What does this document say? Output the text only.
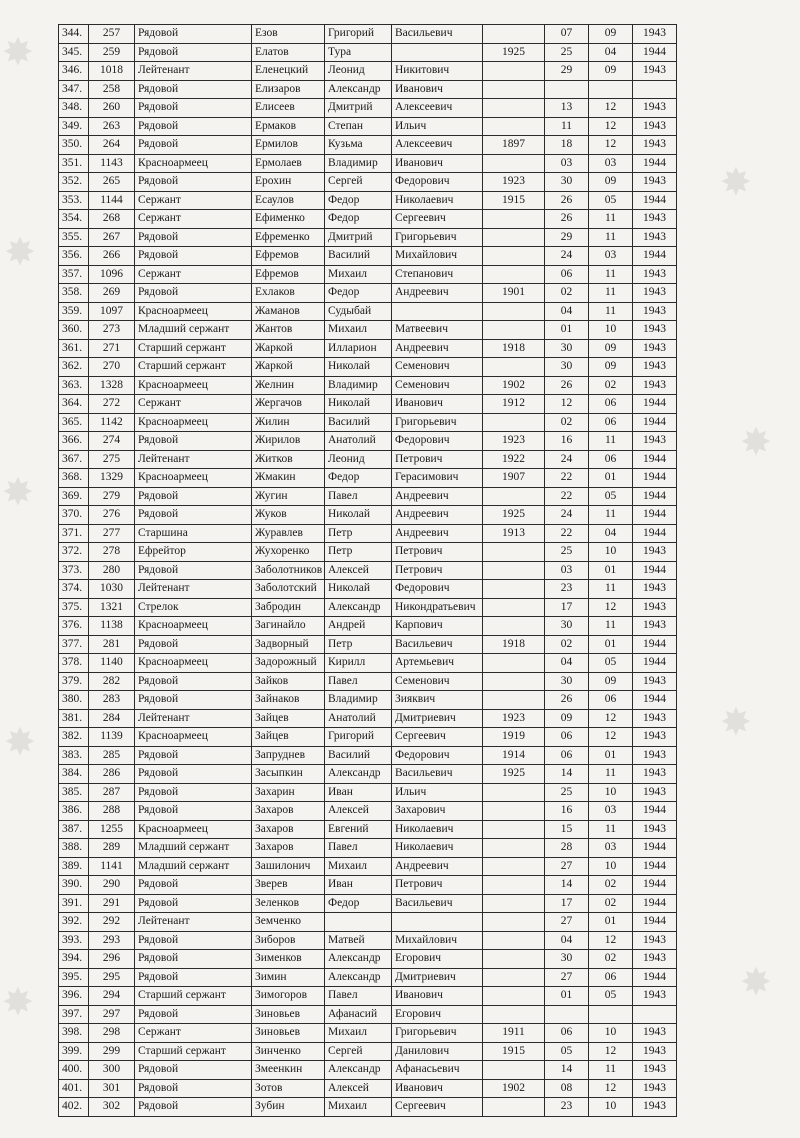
✸
✸
✸
✸
✸
✸
✸
✸
✸
344.	257	Рядовой	Езов	Григорий	Васильевич		07	09	1943
345.	259	Рядовой	Елатов	Тура		1925	25	04	1944
346.	1018	Лейтенант	Еленецкий	Леонид	Никитович		29	09	1943
347.	258	Рядовой	Елизаров	Александр	Иванович				
348.	260	Рядовой	Елисеев	Дмитрий	Алексеевич		13	12	1943
349.	263	Рядовой	Ермаков	Степан	Ильич		11	12	1943
350.	264	Рядовой	Ермилов	Кузьма	Алексеевич	1897	18	12	1943
351.	1143	Красноармеец	Ермолаев	Владимир	Иванович		03	03	1944
352.	265	Рядовой	Ерохин	Сергей	Федорович	1923	30	09	1943
353.	1144	Сержант	Есаулов	Федор	Николаевич	1915	26	05	1944
354.	268	Сержант	Ефименко	Федор	Сергеевич		26	11	1943
355.	267	Рядовой	Ефременко	Дмитрий	Григорьевич		29	11	1943
356.	266	Рядовой	Ефремов	Василий	Михайлович		24	03	1944
357.	1096	Сержант	Ефремов	Михаил	Степанович		06	11	1943
358.	269	Рядовой	Ехлаков	Федор	Андреевич	1901	02	11	1943
359.	1097	Красноармеец	Жаманов	Судыбай			04	11	1943
360.	273	Младший сержант	Жантов	Михаил	Матвеевич		01	10	1943
361.	271	Старший сержант	Жаркой	Илларион	Андреевич	1918	30	09	1943
362.	270	Старший сержант	Жаркой	Николай	Семенович		30	09	1943
363.	1328	Красноармеец	Желнин	Владимир	Семенович	1902	26	02	1943
364.	272	Сержант	Жергачов	Николай	Иванович	1912	12	06	1944
365.	1142	Красноармеец	Жилин	Василий	Григорьевич		02	06	1944
366.	274	Рядовой	Жирилов	Анатолий	Федорович	1923	16	11	1943
367.	275	Лейтенант	Житков	Леонид	Петрович	1922	24	06	1944
368.	1329	Красноармеец	Жмакин	Федор	Герасимович	1907	22	01	1944
369.	279	Рядовой	Жугин	Павел	Андреевич		22	05	1944
370.	276	Рядовой	Жуков	Николай	Андреевич	1925	24	11	1944
371.	277	Старшина	Журавлев	Петр	Андреевич	1913	22	04	1944
372.	278	Ефрейтор	Жухоренко	Петр	Петрович		25	10	1943
373.	280	Рядовой	Заболотников	Алексей	Петрович		03	01	1944
374.	1030	Лейтенант	Заболотский	Николай	Федорович		23	11	1943
375.	1321	Стрелок	Забродин	Александр	Никондратьевич		17	12	1943
376.	1138	Красноармеец	Загинайло	Андрей	Карпович		30	11	1943
377.	281	Рядовой	Задворный	Петр	Васильевич	1918	02	01	1944
378.	1140	Красноармеец	Задорожный	Кирилл	Артемьевич		04	05	1944
379.	282	Рядовой	Зайков	Павел	Семенович		30	09	1943
380.	283	Рядовой	Зайнаков	Владимир	Зияквич		26	06	1944
381.	284	Лейтенант	Зайцев	Анатолий	Дмитриевич	1923	09	12	1943
382.	1139	Красноармеец	Зайцев	Григорий	Сергеевич	1919	06	12	1943
383.	285	Рядовой	Запруднев	Василий	Федорович	1914	06	01	1943
384.	286	Рядовой	Засыпкин	Александр	Васильевич	1925	14	11	1943
385.	287	Рядовой	Захарин	Иван	Ильич		25	10	1943
386.	288	Рядовой	Захаров	Алексей	Захарович		16	03	1944
387.	1255	Красноармеец	Захаров	Евгений	Николаевич		15	11	1943
388.	289	Младший сержант	Захаров	Павел	Николаевич		28	03	1944
389.	1141	Младший сержант	Зашилонич	Михаил	Андреевич		27	10	1944
390.	290	Рядовой	Зверев	Иван	Петрович		14	02	1944
391.	291	Рядовой	Зеленков	Федор	Васильевич		17	02	1944
392.	292	Лейтенант	Земченко				27	01	1944
393.	293	Рядовой	Зиборов	Матвей	Михайлович		04	12	1943
394.	296	Рядовой	Зименков	Александр	Егорович		30	02	1943
395.	295	Рядовой	Зимин	Александр	Дмитриевич		27	06	1944
396.	294	Старший сержант	Зимогоров	Павел	Иванович		01	05	1943
397.	297	Рядовой	Зиновьев	Афанасий	Егорович				
398.	298	Сержант	Зиновьев	Михаил	Григорьевич	1911	06	10	1943
399.	299	Старший сержант	Зинченко	Сергей	Данилович	1915	05	12	1943
400.	300	Рядовой	Змеенкин	Александр	Афанасьевич		14	11	1943
401.	301	Рядовой	Зотов	Алексей	Иванович	1902	08	12	1943
402.	302	Рядовой	Зубин	Михаил	Сергеевич		23	10	1943
